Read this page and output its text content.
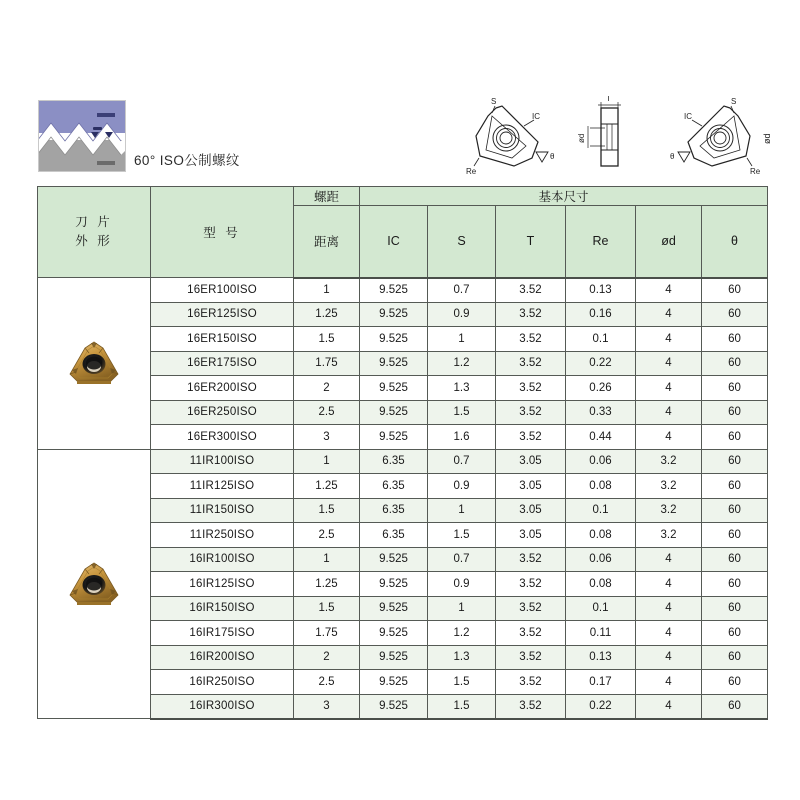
60° ISO公制螺纹
S
IC
θ
Re
T
ød
S
IC
θ
Re
ød
刀 片
外 形	型 号	螺距	基本尺寸					
		距离	IC	S	T	Re	ød	θ

	16ER100ISO	1	9.525	0.7	3.52	0.13	4	60
	16ER125ISO	1.25	9.525	0.9	3.52	0.16	4	60
	16ER150ISO	1.5	9.525	1	3.52	0.1	4	60
	16ER175ISO	1.75	9.525	1.2	3.52	0.22	4	60
	16ER200ISO	2	9.525	1.3	3.52	0.26	4	60
	16ER250ISO	2.5	9.525	1.5	3.52	0.33	4	60
	16ER300ISO	3	9.525	1.6	3.52	0.44	4	60

	11IR100ISO	1	6.35	0.7	3.05	0.06	3.2	60
	11IR125ISO	1.25	6.35	0.9	3.05	0.08	3.2	60
	11IR150ISO	1.5	6.35	1	3.05	0.1	3.2	60
	11IR250ISO	2.5	6.35	1.5	3.05	0.08	3.2	60
	16IR100ISO	1	9.525	0.7	3.52	0.06	4	60
	16IR125ISO	1.25	9.525	0.9	3.52	0.08	4	60
	16IR150ISO	1.5	9.525	1	3.52	0.1	4	60
	16IR175ISO	1.75	9.525	1.2	3.52	0.11	4	60
	16IR200ISO	2	9.525	1.3	3.52	0.13	4	60
	16IR250ISO	2.5	9.525	1.5	3.52	0.17	4	60
	16IR300ISO	3	9.525	1.5	3.52	0.22	4	60
